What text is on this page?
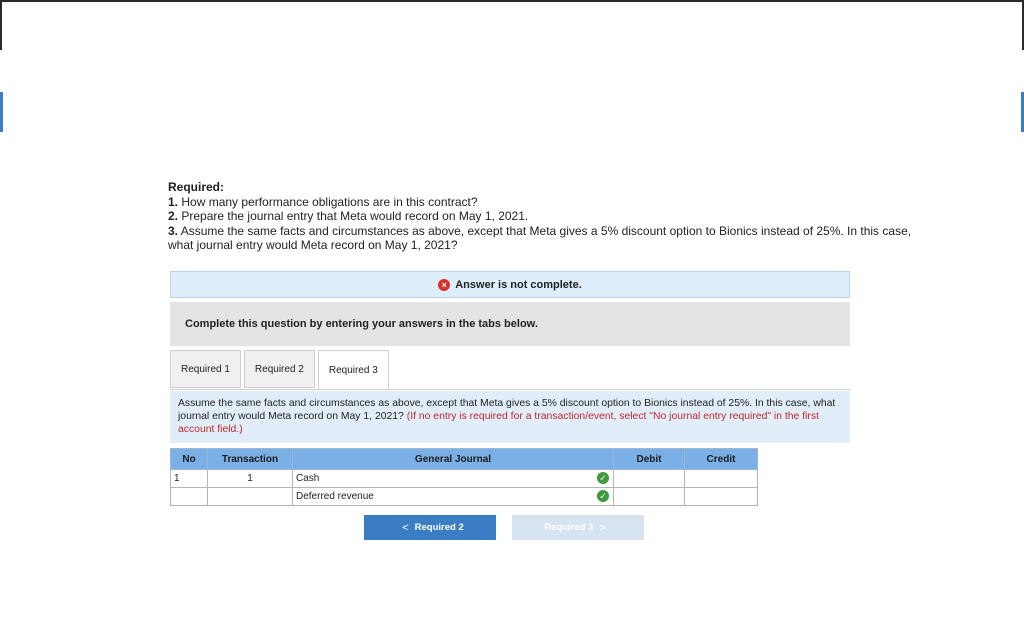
Required:
1. How many performance obligations are in this contract?
2. Prepare the journal entry that Meta would record on May 1, 2021.
3. Assume the same facts and circumstances as above, except that Meta gives a 5% discount option to Bionics instead of 25%. In this case, what journal entry would Meta record on May 1, 2021?
× Answer is not complete.
Complete this question by entering your answers in the tabs below.
Required 1	Required 2	Required 3
Assume the same facts and circumstances as above, except that Meta gives a 5% discount option to Bionics instead of 25%. In this case, what journal entry would Meta record on May 1, 2021? (If no entry is required for a transaction/event, select "No journal entry required" in the first account field.)
No	Transaction	General Journal	Debit	Credit
1	1	Cash ✓		

		Deferred revenue ✓		

< Required 2	Required 3 >
